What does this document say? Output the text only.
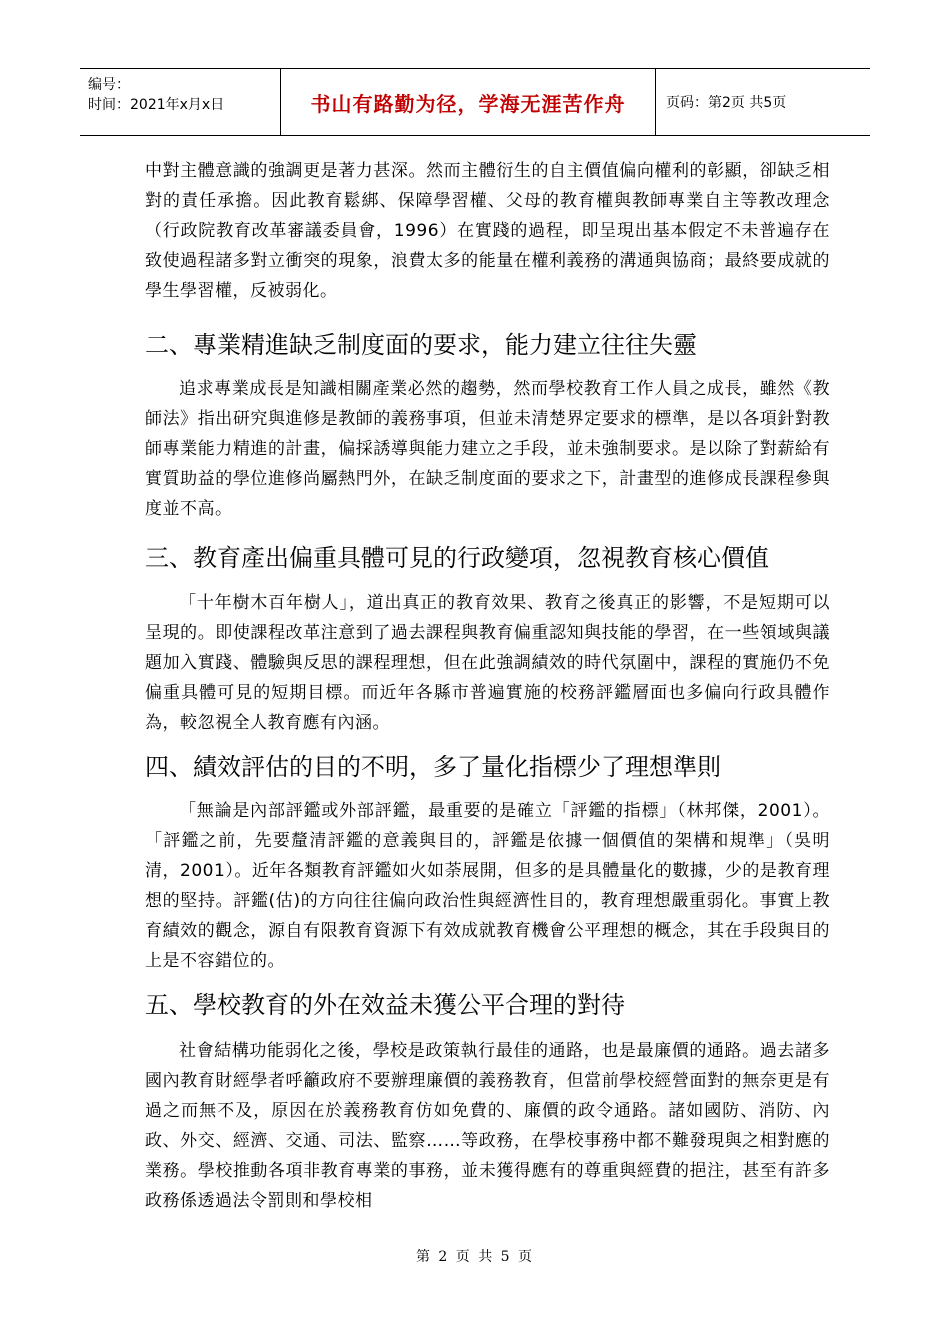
编号：
时间：2021年x月x日	书山有路勤为径，学海无涯苦作舟	页码：第2页 共5页

中對主體意識的強調更是著力甚深。然而主體衍生的自主價值偏向權利的彰顯，卻缺乏相對的責任承擔。因此教育鬆綁、保障學習權、父母的教育權與教師專業自主等教改理念（行政院教育改革審議委員會，1996）在實踐的過程，即呈現出基本假定不未普遍存在致使過程諸多對立衝突的現象，浪費太多的能量在權利義務的溝通與協商；最終要成就的學生學習權，反被弱化。

二、專業精進缺乏制度面的要求，能力建立往往失靈

追求專業成長是知識相關產業必然的趨勢，然而學校教育工作人員之成長，雖然《教師法》指出研究與進修是教師的義務事項，但並未清楚界定要求的標準，是以各項針對教師專業能力精進的計畫，偏採誘導與能力建立之手段，並未強制要求。是以除了對薪給有實質助益的學位進修尚屬熱門外，在缺乏制度面的要求之下，計畫型的進修成長課程參與度並不高。

三、教育產出偏重具體可見的行政變項，忽視教育核心價值

「十年樹木百年樹人」，道出真正的教育效果、教育之後真正的影響，不是短期可以呈現的。即使課程改革注意到了過去課程與教育偏重認知與技能的學習，在一些領域與議題加入實踐、體驗與反思的課程理想，但在此強調績效的時代氛圍中，課程的實施仍不免偏重具體可見的短期目標。而近年各縣市普遍實施的校務評鑑層面也多偏向行政具體作為，較忽視全人教育應有內涵。

四、績效評估的目的不明，多了量化指標少了理想準則

「無論是內部評鑑或外部評鑑，最重要的是確立「評鑑的指標」（林邦傑，2001）。「評鑑之前，先要釐清評鑑的意義與目的，評鑑是依據一個價值的架構和規準」（吳明清，2001）。近年各類教育評鑑如火如荼展開，但多的是具體量化的數據，少的是教育理想的堅持。評鑑(估)的方向往往偏向政治性與經濟性目的，教育理想嚴重弱化。事實上教育績效的觀念，源自有限教育資源下有效成就教育機會公平理想的概念，其在手段與目的上是不容錯位的。

五、學校教育的外在效益未獲公平合理的對待

社會結構功能弱化之後，學校是政策執行最佳的通路，也是最廉價的通路。過去諸多國內教育財經學者呼籲政府不要辦理廉價的義務教育，但當前學校經營面對的無奈更是有過之而無不及，原因在於義務教育仿如免費的、廉價的政令通路。諸如國防、消防、內政、外交、經濟、交通、司法、監察……等政務，在學校事務中都不難發現與之相對應的業務。學校推動各項非教育專業的事務，並未獲得應有的尊重與經費的挹注，甚至有許多政務係透過法令罰則和學校相

第 2 页 共 5 页
